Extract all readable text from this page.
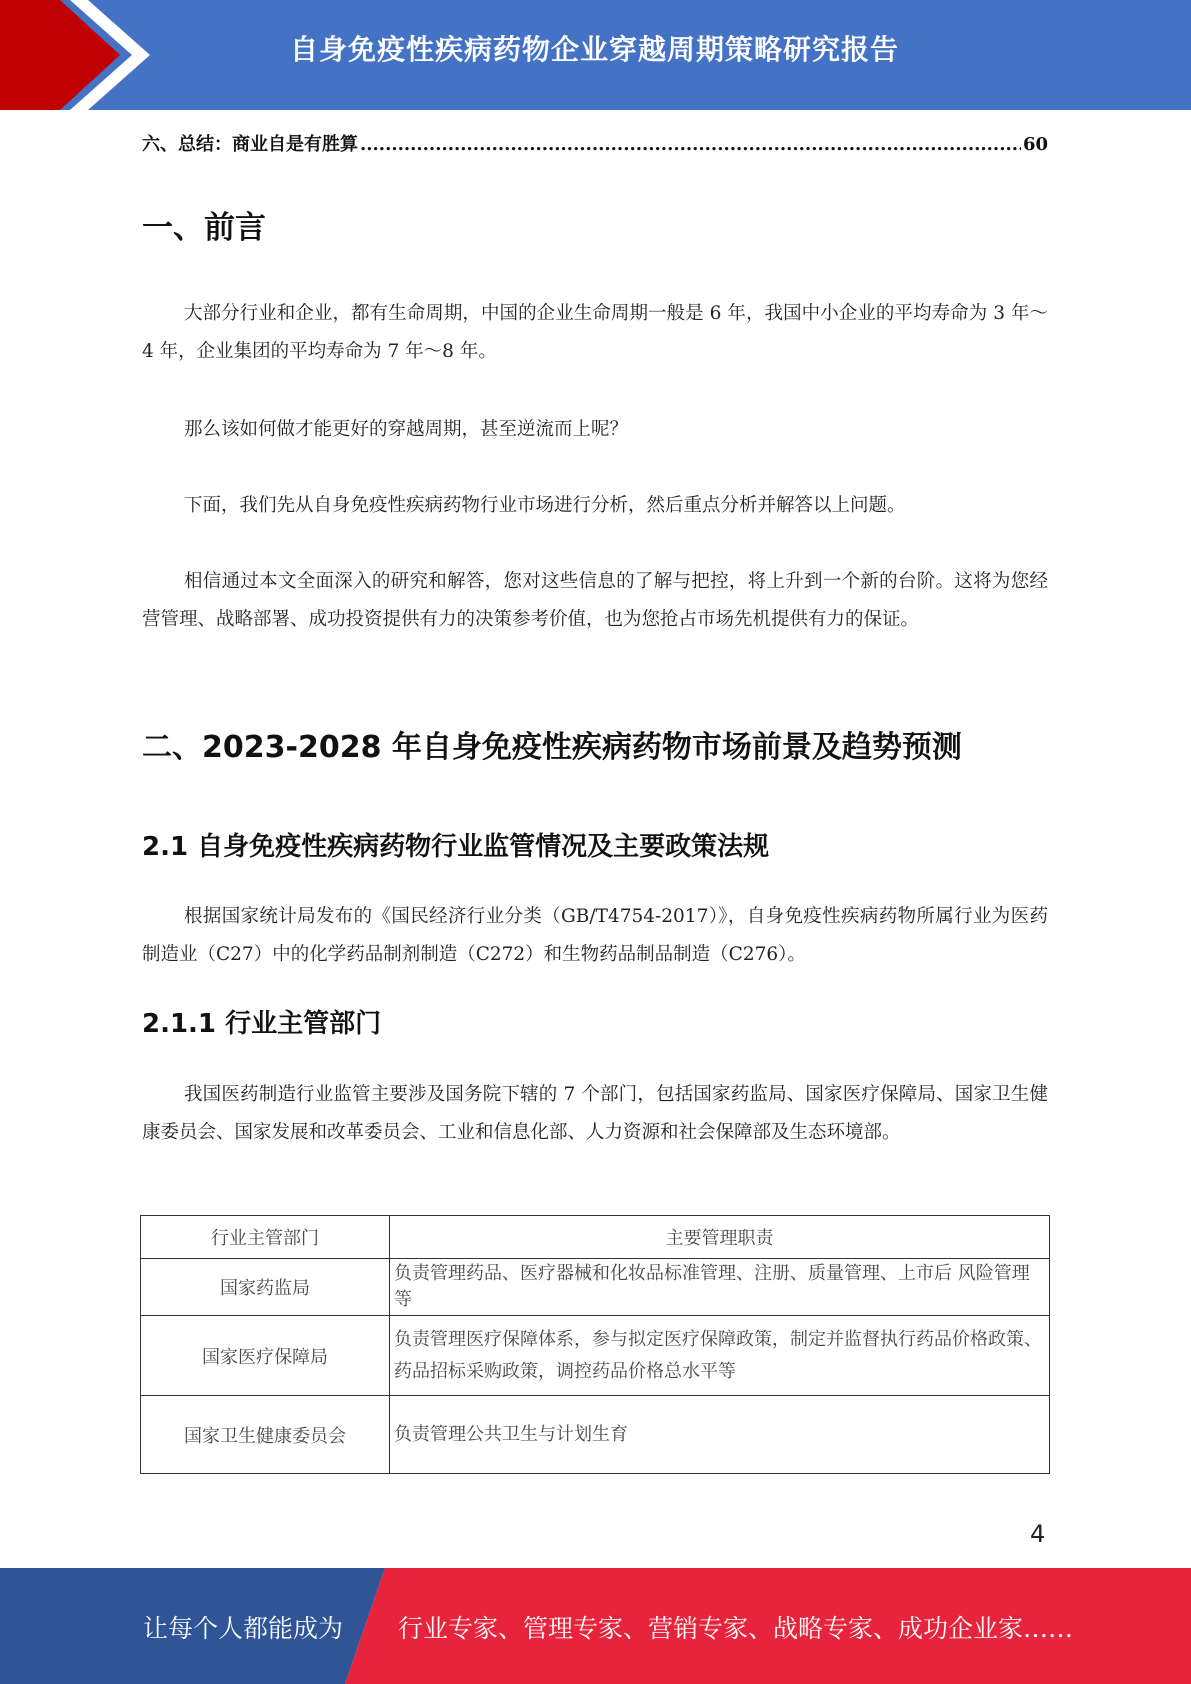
自身免疫性疾病药物企业穿越周期策略研究报告
六、总结：商业自是有胜算 .....	60
一、前言

大部分行业和企业，都有生命周期，中国的企业生命周期一般是 6 年，我国中小企业的平均寿命为 3 年～4 年，企业集团的平均寿命为 7 年～8 年。

那么该如何做才能更好的穿越周期，甚至逆流而上呢？

下面，我们先从自身免疫性疾病药物行业市场进行分析，然后重点分析并解答以上问题。

相信通过本文全面深入的研究和解答，您对这些信息的了解与把控，将上升到一个新的台阶。这将为您经营管理、战略部署、成功投资提供有力的决策参考价值，也为您抢占市场先机提供有力的保证。

二、2023-2028 年自身免疫性疾病药物市场前景及趋势预测
2.1 自身免疫性疾病药物行业监管情况及主要政策法规

根据国家统计局发布的《国民经济行业分类（GB/T4754-2017）》，自身免疫性疾病药物所属行业为医药制造业（C27）中的化学药品制剂制造（C272）和生物药品制品制造（C276）。

2.1.1 行业主管部门

我国医药制造行业监管主要涉及国务院下辖的 7 个部门，包括国家药监局、国家医疗保障局、国家卫生健康委员会、国家发展和改革委员会、工业和信息化部、人力资源和社会保障部及生态环境部。

行业主管部门	主要管理职责
国家药监局	负责管理药品、医疗器械和化妆品标准管理、注册、质量管理、上市后 风险管理等
国家医疗保障局	负责管理医疗保障体系，参与拟定医疗保障政策，制定并监督执行药品价格政策、药品招标采购政策，调控药品价格总水平等
国家卫生健康委员会	负责管理公共卫生与计划生育
4
让每个人都能成为 行业专家、管理专家、营销专家、战略专家、成功企业家……
